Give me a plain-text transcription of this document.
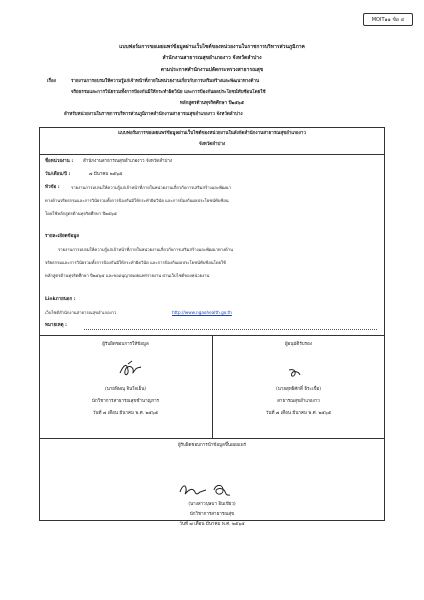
MOIT๑๑ ข้อ ๔
แบบฟอร์มการขอเผยแพร่ข้อมูลผ่านเว็บไซต์ของหน่วยงานในราชการบริหารส่วนภูมิภาค
สำนักงานสาธารณสุขอำเภองาว จังหวัดลำปาง
ตามประกาศสำนักงานปลัดกระทรวงสาธารณสุข
เรื่อง	รายงานการอบรมให้ความรู้แก่เจ้าหน้าที่ภายในหน่วยงานเกี่ยวกับการเสริมสร้างและพัฒนาทางด้าน
จริยธรรมและการวินัยรวมทั้งการป้องกันมิให้กระทำผิดวินัย และการป้องกันผลประโยชน์ทับซ้อนโดยใช้
หลักสูตรต้านทุจริตศึกษา ปี๒๕๖๕
สำหรับหน่วยงานในราชการบริหารส่วนภูมิภาคสำนักงานสาธารณสุขอำเภองาว จังหวัดลำปาง
แบบฟอร์มการขอเผยแพร่ข้อมูลผ่านเว็บไซต์ของหน่วยงานในสังกัดสำนักงานสาธารณสุขอำเภองาว
จังหวัดลำปาง
ชื่อหน่วยงาน : สำนักงานสาธารณสุขอำเภองาว จังหวัดลำปาง
วัน/เดือน/ปี :	๗ มีนาคม ๒๕๖๕
หัวข้อ :	รายงานการอบรมให้ความรู้แก่เจ้าหน้าที่ภายในหน่วยงานเกี่ยวกับการเสริมสร้างและพัฒนา
ทางด้านจริยธรรมและการวินัยรวมทั้งการป้องกันมิให้กระทำผิดวินัย และการป้องกันผลประโยชน์ทับซ้อน
โดยใช้หลักสูตรต้านทุจริตศึกษา ปี๒๕๖๕
รายละเอียดข้อมูล
รายงานการอบรมให้ความรู้แก่เจ้าหน้าที่ภายในหน่วยงานเกี่ยวกับการเสริมสร้างและพัฒนาทางด้าน
จริยธรรมและการวินัยรวมทั้งการป้องกันมิให้กระทำผิดวินัย และการป้องกันผลประโยชน์ทับซ้อนโดยใช้
หลักสูตรต้านทุจริตศึกษา ปี๒๕๖๕ และขออนุญาตเผยแพร่รายงาน ผ่านเว็บไซต์ของหน่วยงาน
Linkภายนอก :
เว็บไซต์สำนักงานสาธารณสุขอำเภองาว	http://www.ngaohealth.go.th
หมายเหตุ :
ผู้รับผิดชอบการให้ข้อมูล
(นายพิษณุ จินใจเย็น)
นักวิชาการสาธารณสุขชำนาญการ
วันที่ ๗ เดือน มีนาคม พ.ศ. ๒๕๖๕
ผู้อนุมัติรับรอง
(นายสุทธิศักดิ์ ธิระเขื่อ)
สาธารณสุขอำเภองาว
วันที่ ๗ เดือน มีนาคม พ.ศ. ๒๕๖๕
ผู้รับผิดชอบการนำข้อมูลขึ้นเผยแพร่
(นางสาวบุษบา อินเขียว)
นักวิชาการสาธารณสุข
วันที่ ๗ เดือน มีนาคม พ.ศ. ๒๕๖๕
